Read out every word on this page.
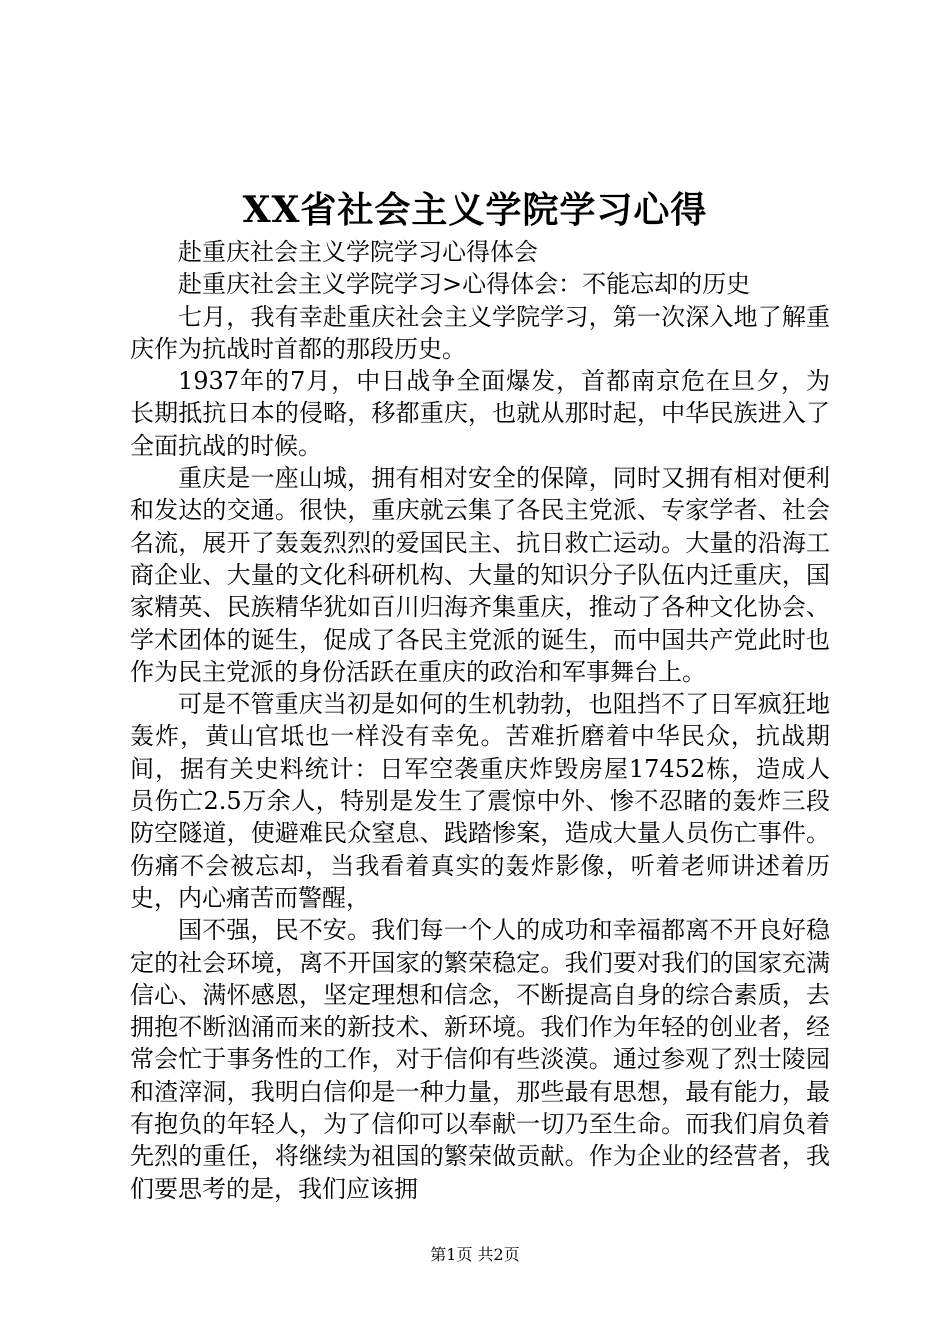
XX省社会主义学院学习心得

赴重庆社会主义学院学习心得体会

赴重庆社会主义学院学习>心得体会：不能忘却的历史

七月，我有幸赴重庆社会主义学院学习，第一次深入地了解重庆作为抗战时首都的那段历史。

1937年的7月，中日战争全面爆发，首都南京危在旦夕，为长期抵抗日本的侵略，移都重庆，也就从那时起，中华民族进入了全面抗战的时候。

重庆是一座山城，拥有相对安全的保障，同时又拥有相对便利和发达的交通。很快，重庆就云集了各民主党派、专家学者、社会名流，展开了轰轰烈烈的爱国民主、抗日救亡运动。大量的沿海工商企业、大量的文化科研机构、大量的知识分子队伍内迁重庆，国家精英、民族精华犹如百川归海齐集重庆，推动了各种文化协会、学术团体的诞生，促成了各民主党派的诞生，而中国共产党此时也作为民主党派的身份活跃在重庆的政治和军事舞台上。

可是不管重庆当初是如何的生机勃勃，也阻挡不了日军疯狂地轰炸，黄山官坻也一样没有幸免。苦难折磨着中华民众，抗战期间，据有关史料统计：日军空袭重庆炸毁房屋17452栋，造成人员伤亡2.5万余人，特别是发生了震惊中外、惨不忍睹的轰炸三段防空隧道，使避难民众窒息、践踏惨案，造成大量人员伤亡事件。伤痛不会被忘却，当我看着真实的轰炸影像，听着老师讲述着历史，内心痛苦而警醒，

国不强，民不安。我们每一个人的成功和幸福都离不开良好稳定的社会环境，离不开国家的繁荣稳定。我们要对我们的国家充满信心、满怀感恩，坚定理想和信念，不断提高自身的综合素质，去拥抱不断汹涌而来的新技术、新环境。我们作为年轻的创业者，经常会忙于事务性的工作，对于信仰有些淡漠。通过参观了烈士陵园和渣滓洞，我明白信仰是一种力量，那些最有思想，最有能力，最有抱负的年轻人，为了信仰可以奉献一切乃至生命。而我们肩负着先烈的重任，将继续为祖国的繁荣做贡献。作为企业的经营者，我们要思考的是，我们应该拥

第1页 共2页
